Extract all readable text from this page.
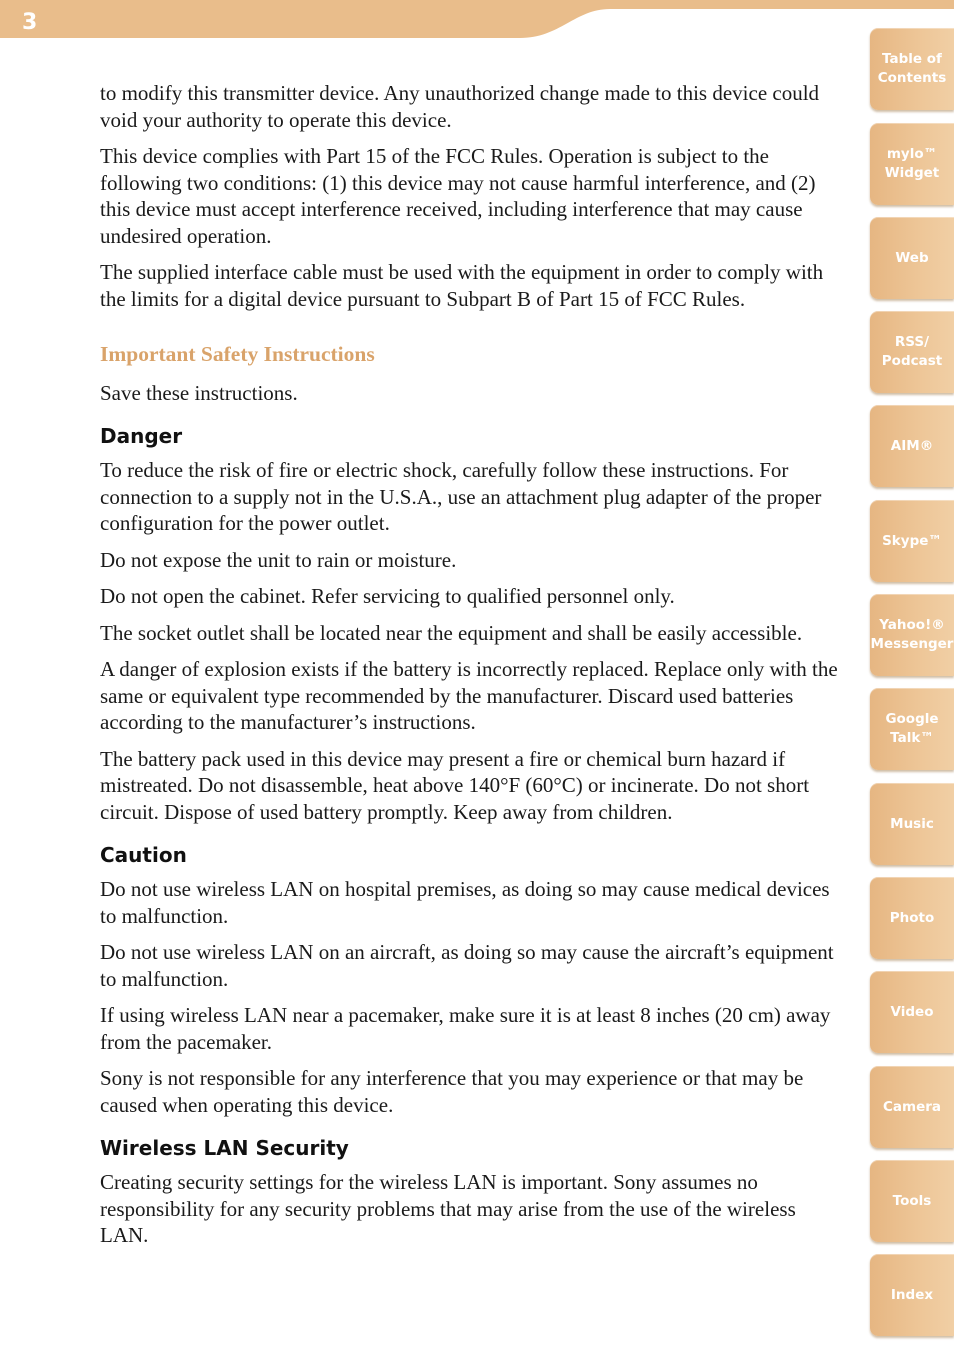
3

to modify this transmitter device. Any unauthorized change made to this device could void your authority to operate this device.

This device complies with Part 15 of the FCC Rules. Operation is subject to the following two conditions: (1) this device may not cause harmful interference, and (2) this device must accept interference received, including interference that may cause undesired operation.

The supplied interface cable must be used with the equipment in order to comply with the limits for a digital device pursuant to Subpart B of Part 15 of FCC Rules.

Important Safety Instructions

Save these instructions.

Danger

To reduce the risk of fire or electric shock, carefully follow these instructions. For connection to a supply not in the U.S.A., use an attachment plug adapter of the proper configuration for the power outlet.

Do not expose the unit to rain or moisture.

Do not open the cabinet. Refer servicing to qualified personnel only.

The socket outlet shall be located near the equipment and shall be easily accessible.

A danger of explosion exists if the battery is incorrectly replaced. Replace only with the same or equivalent type recommended by the manufacturer. Discard used batteries according to the manufacturer’s instructions.

The battery pack used in this device may present a fire or chemical burn hazard if mistreated. Do not disassemble, heat above 140°F (60°C) or incinerate. Do not short circuit. Dispose of used battery promptly. Keep away from children.

Caution

Do not use wireless LAN on hospital premises, as doing so may cause medical devices to malfunction.

Do not use wireless LAN on an aircraft, as doing so may cause the aircraft’s equipment to malfunction.

If using wireless LAN near a pacemaker, make sure it is at least 8 inches (20 cm) away from the pacemaker.

Sony is not responsible for any interference that you may experience or that may be caused when operating this device.

Wireless LAN Security

Creating security settings for the wireless LAN is important. Sony assumes no responsibility for any security problems that may arise from the use of the wireless LAN.

Table of
Contents
mylo™
Widget
Web
RSS/
Podcast
AIM®
Skype™
Yahoo!®
Messenger
Google
Talk™
Music
Photo
Video
Camera
Tools
Index
